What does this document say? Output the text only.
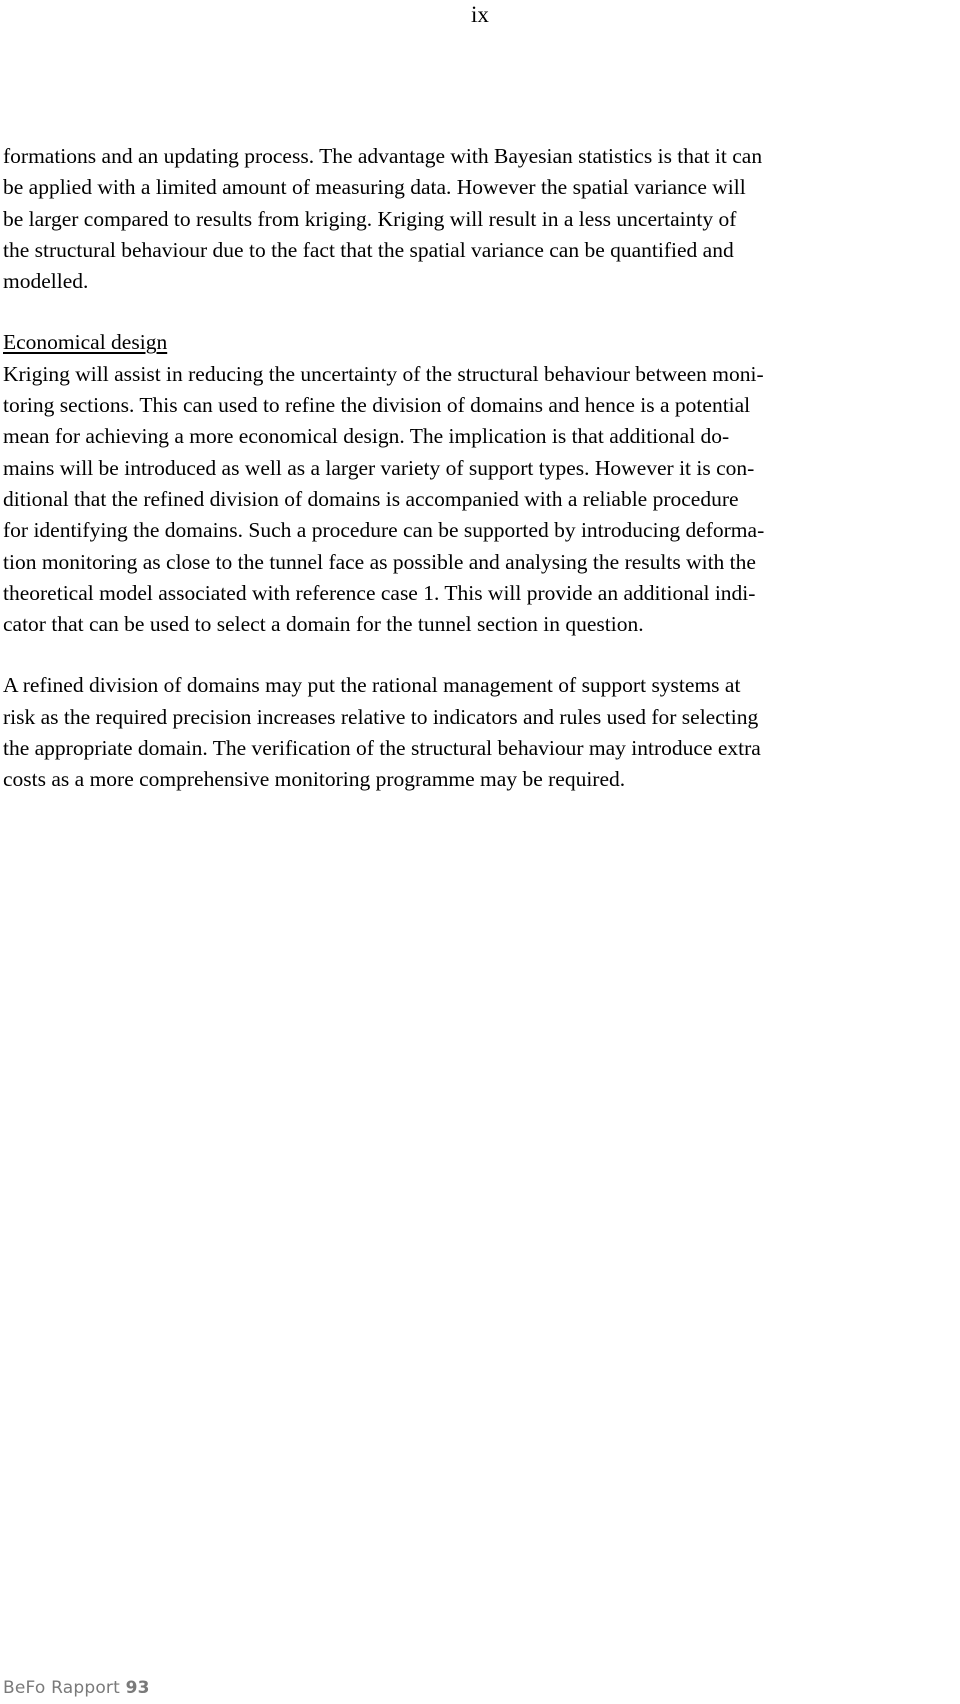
ix

formations and an updating process. The advantage with Bayesian statistics is that it can
be applied with a limited amount of measuring data. However the spatial variance will
be larger compared to results from kriging. Kriging will result in a less uncertainty of
the structural behaviour due to the fact that the spatial variance can be quantified and
modelled.

Economical design
Kriging will assist in reducing the uncertainty of the structural behaviour between moni-
toring sections. This can used to refine the division of domains and hence is a potential
mean for achieving a more economical design. The implication is that additional do-
mains will be introduced as well as a larger variety of support types. However it is con-
ditional that the refined division of domains is accompanied with a reliable procedure
for identifying the domains. Such a procedure can be supported by introducing deforma-
tion monitoring as close to the tunnel face as possible and analysing the results with the
theoretical model associated with reference case 1. This will provide an additional indi-
cator that can be used to select a domain for the tunnel section in question.

A refined division of domains may put the rational management of support systems at
risk as the required precision increases relative to indicators and rules used for selecting
the appropriate domain. The verification of the structural behaviour may introduce extra
costs as a more comprehensive monitoring programme may be required.

BeFo Rapport 93
